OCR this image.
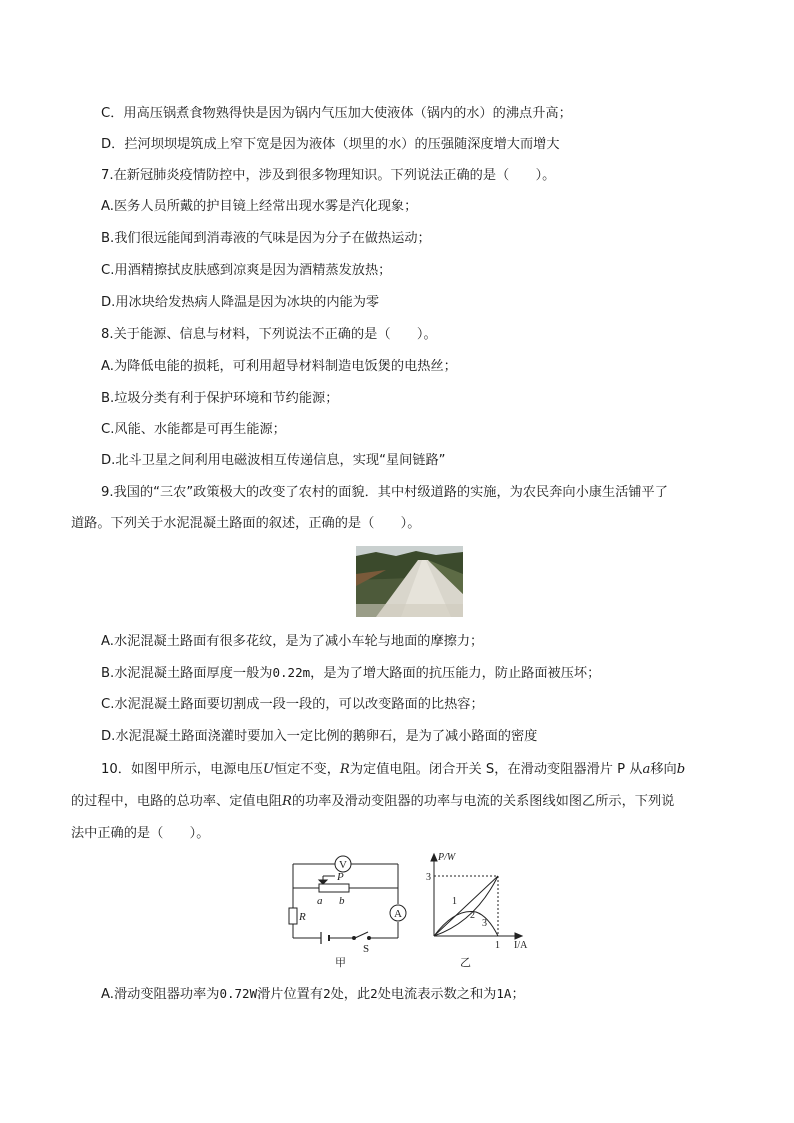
C．用高压锅煮食物熟得快是因为锅内气压加大使液体（锅内的水）的沸点升高；
D．拦河坝坝堤筑成上窄下宽是因为液体（坝里的水）的压强随深度增大而增大
7.在新冠肺炎疫情防控中，涉及到很多物理知识。下列说法正确的是（　　）。
A.医务人员所戴的护目镜上经常出现水雾是汽化现象；
B.我们很远能闻到消毒液的气味是因为分子在做热运动；
C.用酒精擦拭皮肤感到凉爽是因为酒精蒸发放热；
D.用冰块给发热病人降温是因为冰块的内能为零
8.关于能源、信息与材料，下列说法不正确的是（　　）。
A.为降低电能的损耗，可利用超导材料制造电饭煲的电热丝；
B.垃圾分类有利于保护环境和节约能源；
C.风能、水能都是可再生能源；
D.北斗卫星之间利用电磁波相互传递信息，实现“星间链路”
9.我国的“三农”政策极大的改变了农村的面貌．其中村级道路的实施，为农民奔向小康生活铺平了
道路。下列关于水泥混凝土路面的叙述，正确的是（　　）。
A.水泥混凝土路面有很多花纹，是为了减小车轮与地面的摩擦力；
B.水泥混凝土路面厚度一般为0.22m，是为了增大路面的抗压能力，防止路面被压坏；
C.水泥混凝土路面要切割成一段一段的，可以改变路面的比热容；
D.水泥混凝土路面浇灌时要加入一定比例的鹅卵石，是为了减小路面的密度
10．如图甲所示，电源电压U恒定不变，R为定值电阻。闭合开关 S，在滑动变阻器滑片 P 从a移向b
的过程中，电路的总功率、定值电阻R的功率及滑动变阻器的功率与电流的关系图线如图乙所示，下列说
法中正确的是（　　）。
V
A
P
a b
R
S
甲
P/W
3
1 I/A
1
2
3
乙
A.滑动变阻器功率为0.72W滑片位置有2处，此2处电流表示数之和为1A；
